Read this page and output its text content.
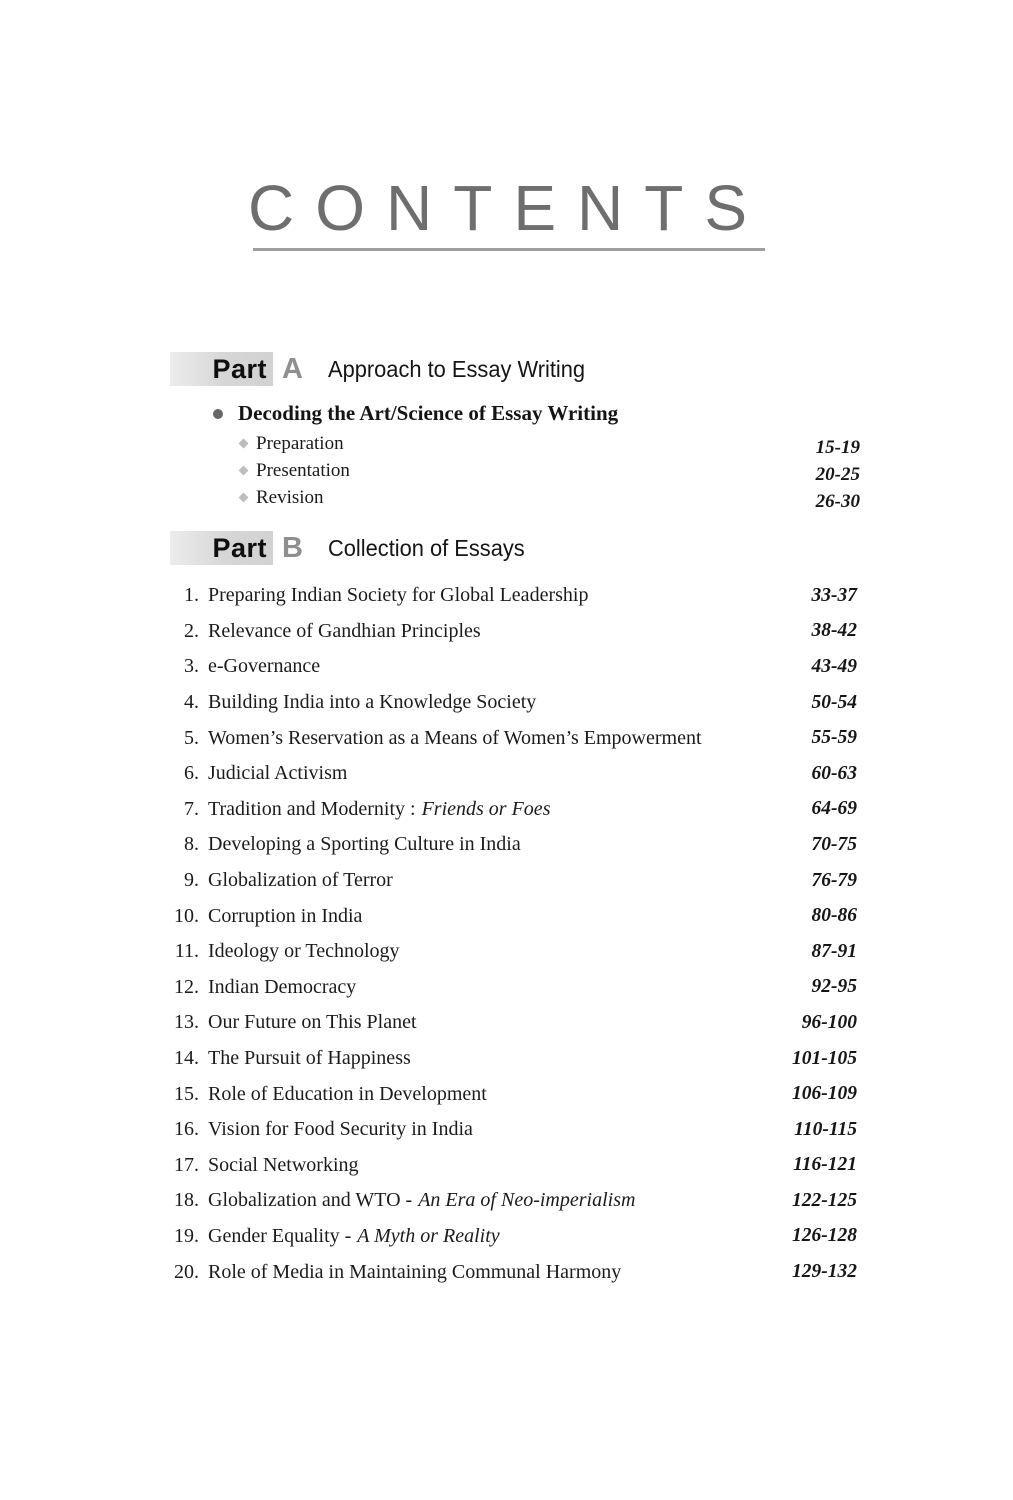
CONTENTS
Part A Approach to Essay Writing
Decoding the Art/Science of Essay Writing
Preparation	15-19
Presentation	20-25
Revision	26-30
Part B Collection of Essays
1. Preparing Indian Society for Global Leadership	33-37
2. Relevance of Gandhian Principles	38-42
3. e-Governance	43-49
4. Building India into a Knowledge Society	50-54
5. Women’s Reservation as a Means of Women’s Empowerment	55-59
6. Judicial Activism	60-63
7. Tradition and Modernity : Friends or Foes	64-69
8. Developing a Sporting Culture in India	70-75
9. Globalization of Terror	76-79
10. Corruption in India	80-86
11. Ideology or Technology	87-91
12. Indian Democracy	92-95
13. Our Future on This Planet	96-100
14. The Pursuit of Happiness	101-105
15. Role of Education in Development	106-109
16. Vision for Food Security in India	110-115
17. Social Networking	116-121
18. Globalization and WTO - An Era of Neo-imperialism	122-125
19. Gender Equality - A Myth or Reality	126-128
20. Role of Media in Maintaining Communal Harmony	129-132
